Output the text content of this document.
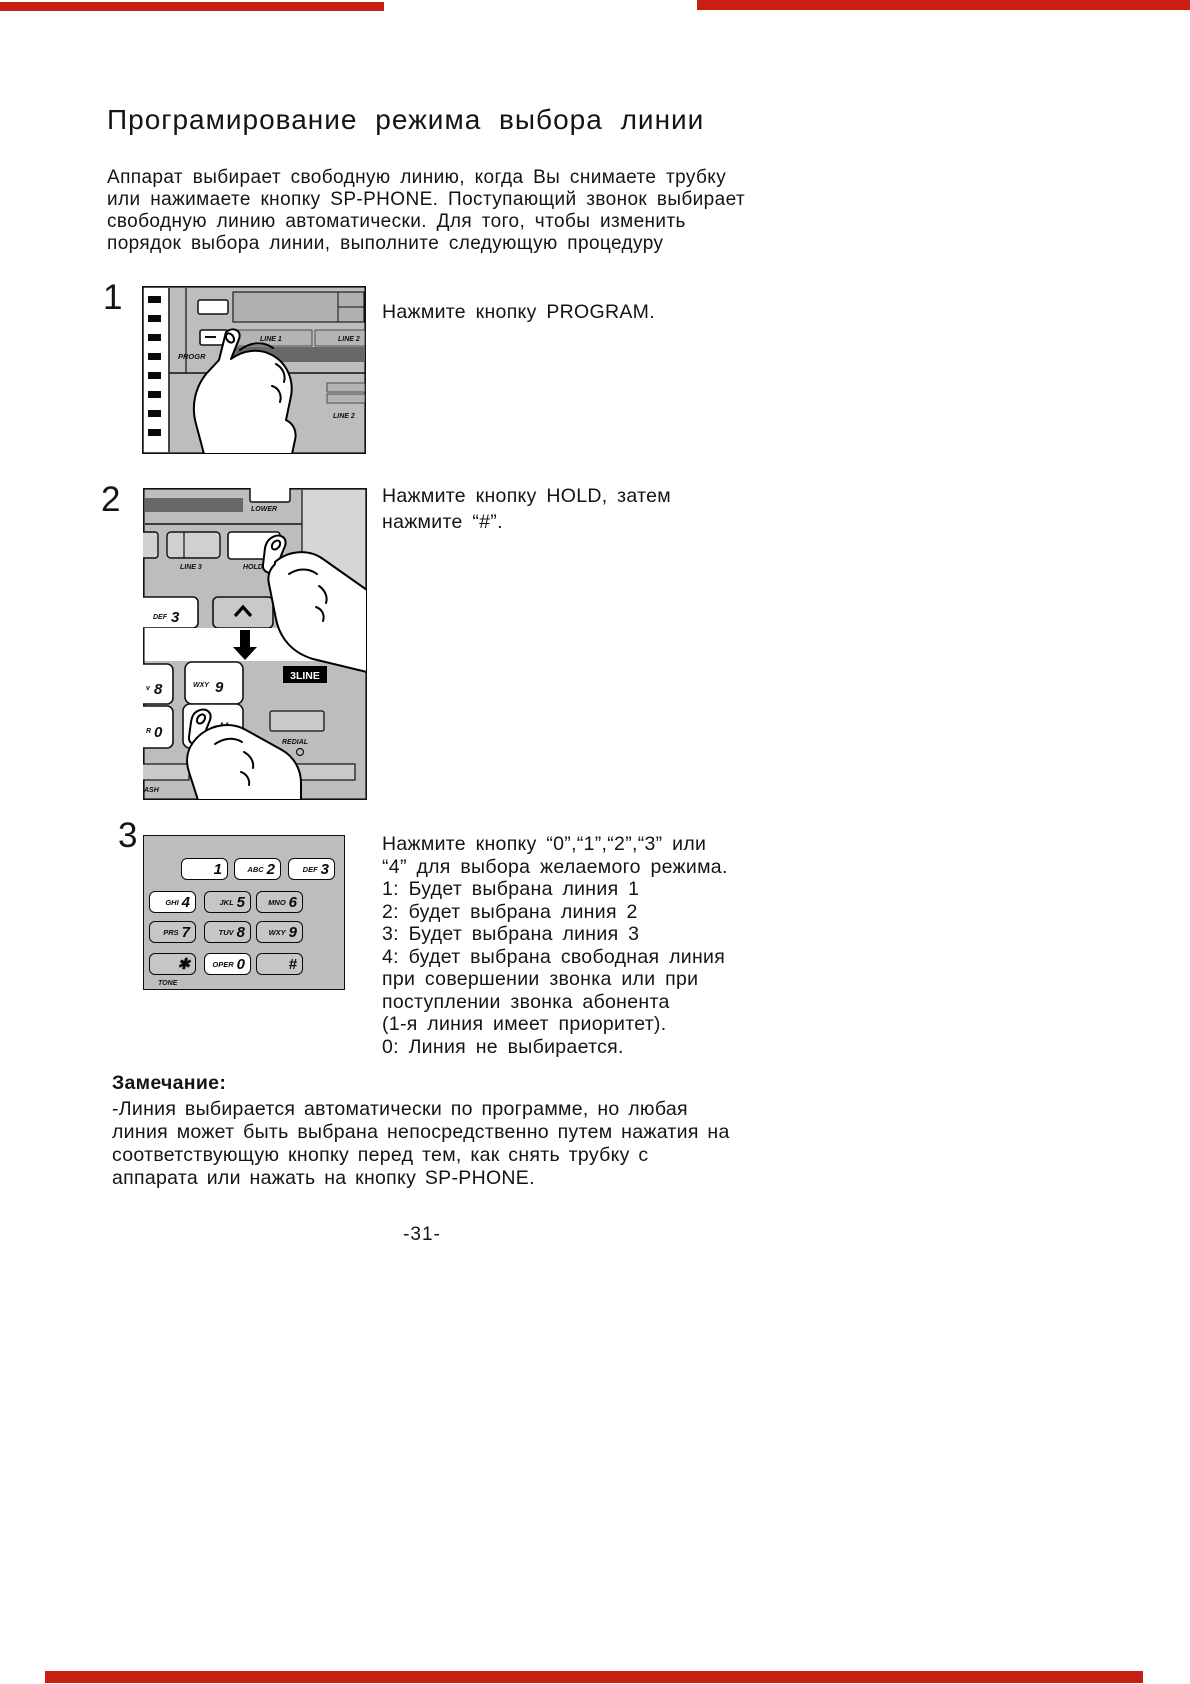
Програмирование режима выбора линии
Аппарат выбирает свободную линию, когда Вы снимаете трубку
или нажимаете кнопку SP-PHONE. Поступающий звонок выбирает
свободную линию автоматически. Для того, чтобы изменить
порядок выбора линии, выполните следующую процедуру
1
LINE 1	LINE 2
PROGR
LINE 2
Нажмите кнопку PROGRAM.
2	LOWER
LINE 3	HOLD
DEF 3
v 8	WXY 9
3LINE
R 0
REDIAL
ASH
Нажмите кнопку HOLD, затем
нажмите “#”.
3
1	ABC 2	DEF 3
GHI 4	JKL 5	MNO 6
PRS 7	TUV 8	WXY 9
✱	OPER 0	#
TONE
Нажмите кнопку “0”,“1”,“2”,“3” или
“4” для выбора желаемого режима.
1: Будет выбрана линия 1
2: будет выбрана линия 2
3: Будет выбрана линия 3
4: будет выбрана свободная линия
при совершении звонка или при
поступлении звонка абонента
(1-я линия имеет приоритет).
0: Линия не выбирается.
Замечание:
-Линия выбирается автоматически по программе, но любая
линия может быть выбрана непосредственно путем нажатия на
соответствующую кнопку перед тем, как снять трубку с
аппарата или нажать на кнопку SP-PHONE.
-31-
